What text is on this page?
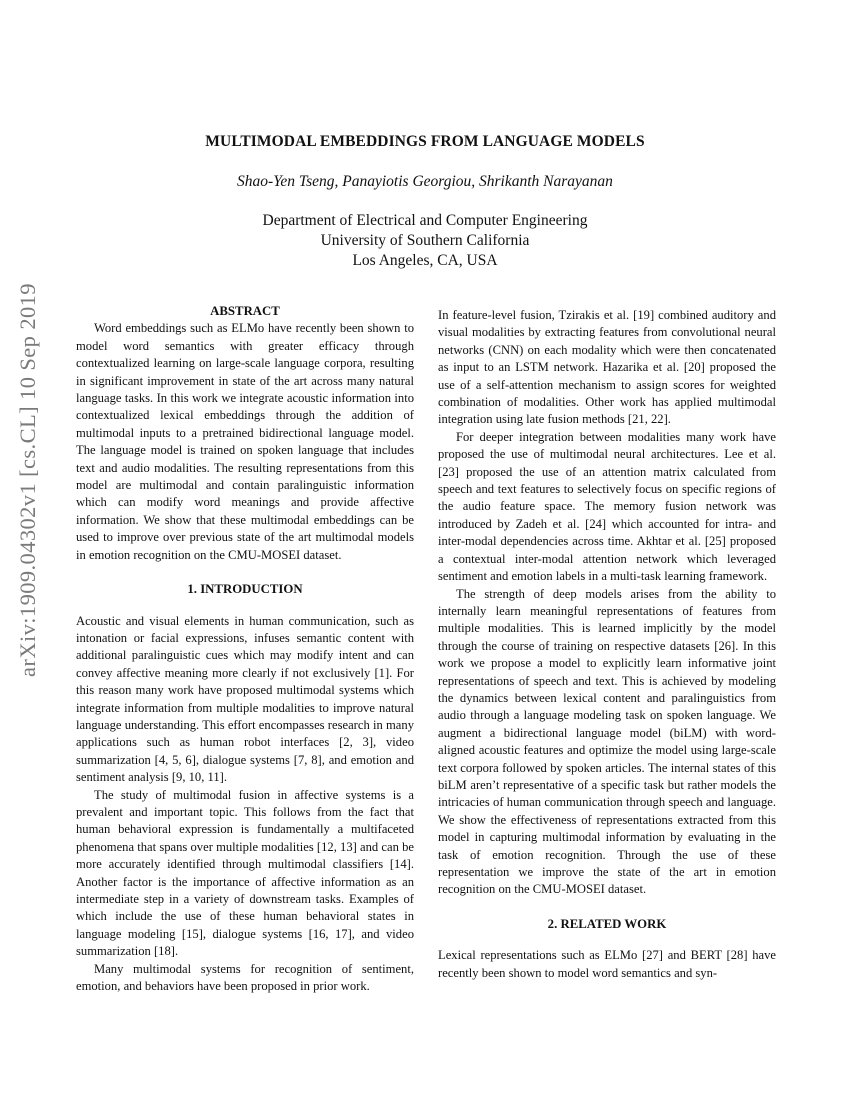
MULTIMODAL EMBEDDINGS FROM LANGUAGE MODELS
Shao-Yen Tseng, Panayiotis Georgiou, Shrikanth Narayanan
Department of Electrical and Computer Engineering
University of Southern California
Los Angeles, CA, USA
arXiv:1909.04302v1 [cs.CL] 10 Sep 2019	ABSTRACT

Word embeddings such as ELMo have recently been shown to model word semantics with greater efficacy through contextualized learning on large-scale language corpora, resulting in significant improvement in state of the art across many natural language tasks. In this work we integrate acoustic information into contextualized lexical embeddings through the addition of multimodal inputs to a pretrained bidirectional language model. The language model is trained on spoken language that includes text and audio modalities. The resulting representations from this model are multimodal and contain paralinguistic information which can modify word meanings and provide affective information. We show that these multimodal embeddings can be used to improve over previous state of the art multimodal models in emotion recognition on the CMU-MOSEI dataset.

1. INTRODUCTION

Acoustic and visual elements in human communication, such as intonation or facial expressions, infuses semantic content with additional paralinguistic cues which may modify intent and can convey affective meaning more clearly if not exclusively [1]. For this reason many work have proposed multimodal systems which integrate information from multiple modalities to improve natural language understanding. This effort encompasses research in many applications such as human robot interfaces [2, 3], video summarization [4, 5, 6], dialogue systems [7, 8], and emotion and sentiment analysis [9, 10, 11].

The study of multimodal fusion in affective systems is a prevalent and important topic. This follows from the fact that human behavioral expression is fundamentally a multifaceted phenomena that spans over multiple modalities [12, 13] and can be more accurately identified through multimodal classifiers [14]. Another factor is the importance of affective information as an intermediate step in a variety of downstream tasks. Examples of which include the use of these human behavioral states in language modeling [15], dialogue systems [16, 17], and video summarization [18].

Many multimodal systems for recognition of sentiment, emotion, and behaviors have been proposed in prior work.

In feature-level fusion, Tzirakis et al. [19] combined auditory and visual modalities by extracting features from convolutional neural networks (CNN) on each modality which were then concatenated as input to an LSTM network. Hazarika et al. [20] proposed the use of a self-attention mechanism to assign scores for weighted combination of modalities. Other work has applied multimodal integration using late fusion methods [21, 22].

For deeper integration between modalities many work have proposed the use of multimodal neural architectures. Lee et al. [23] proposed the use of an attention matrix calculated from speech and text features to selectively focus on specific regions of the audio feature space. The memory fusion network was introduced by Zadeh et al. [24] which accounted for intra- and inter-modal dependencies across time. Akhtar et al. [25] proposed a contextual inter-modal attention network which leveraged sentiment and emotion labels in a multi-task learning framework.

The strength of deep models arises from the ability to internally learn meaningful representations of features from multiple modalities. This is learned implicitly by the model through the course of training on respective datasets [26]. In this work we propose a model to explicitly learn informative joint representations of speech and text. This is achieved by modeling the dynamics between lexical content and paralinguistics from audio through a language modeling task on spoken language. We augment a bidirectional language model (biLM) with word-aligned acoustic features and optimize the model using large-scale text corpora followed by spoken articles. The internal states of this biLM aren’t representative of a specific task but rather models the intricacies of human communication through speech and language. We show the effectiveness of representations extracted from this model in capturing multimodal information by evaluating in the task of emotion recognition. Through the use of these representation we improve the state of the art in emotion recognition on the CMU-MOSEI dataset.

2. RELATED WORK

Lexical representations such as ELMo [27] and BERT [28] have recently been shown to model word semantics and syn-
